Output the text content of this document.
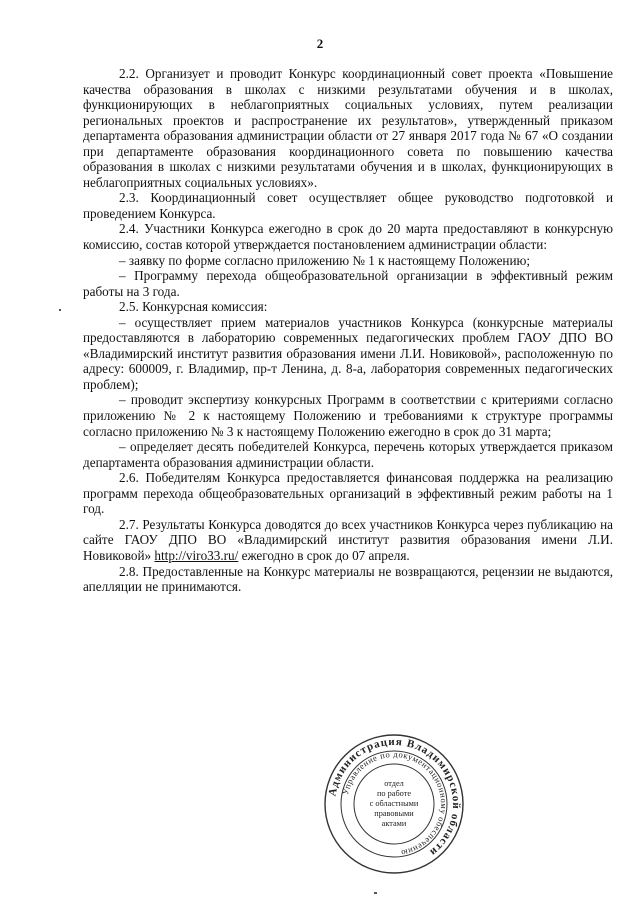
2

2.2. Организует и проводит Конкурс координационный совет проекта «Повышение качества образования в школах с низкими результатами обучения и в школах, функционирующих в неблагоприятных социальных условиях, путем реализации региональных проектов и распространение их результатов», утвержденный приказом департамента образования администрации области от 27 января 2017 года № 67 «О создании при департаменте образования координационного совета по повышению качества образования в школах с низкими результатами обучения и в школах, функционирующих в неблагоприятных социальных условиях».

2.3. Координационный совет осуществляет общее руководство подготовкой и проведением Конкурса.

2.4. Участники Конкурса ежегодно в срок до 20 марта предоставляют в конкурсную комиссию, состав которой утверждается постановлением администрации области:

– заявку по форме согласно приложению № 1 к настоящему Положению;

– Программу перехода общеобразовательной организации в эффективный режим работы на 3 года.

2.5. Конкурсная комиссия:

– осуществляет прием материалов участников Конкурса (конкурсные материалы предоставляются в лабораторию современных педагогических проблем ГАОУ ДПО ВО «Владимирский институт развития образования имени Л.И. Новиковой», расположенную по адресу: 600009, г. Владимир, пр-т Ленина, д. 8-а, лаборатория современных педагогических проблем);

– проводит экспертизу конкурсных Программ в соответствии с критериями согласно приложению № 2 к настоящему Положению и требованиями к структуре программы согласно приложению № 3 к настоящему Положению ежегодно в срок до 31 марта;

– определяет десять победителей Конкурса, перечень которых утверждается приказом департамента образования администрации области.

2.6. Победителям Конкурса предоставляется финансовая поддержка на реализацию программ перехода общеобразовательных организаций в эффективный режим работы на 1 год.

2.7. Результаты Конкурса доводятся до всех участников Конкурса через публикацию на сайте ГАОУ ДПО ВО «Владимирский институт развития образования имени Л.И. Новиковой» http://viro33.ru/ ежегодно в срок до 07 апреля.

2.8. Предоставленные на Конкурс материалы не возвращаются, рецензии не выдаются, апелляции не принимаются.

Администрация Владимирской области
Управление по документационному обеспечению
отдел
по работе
с областными
правовыми
актами
